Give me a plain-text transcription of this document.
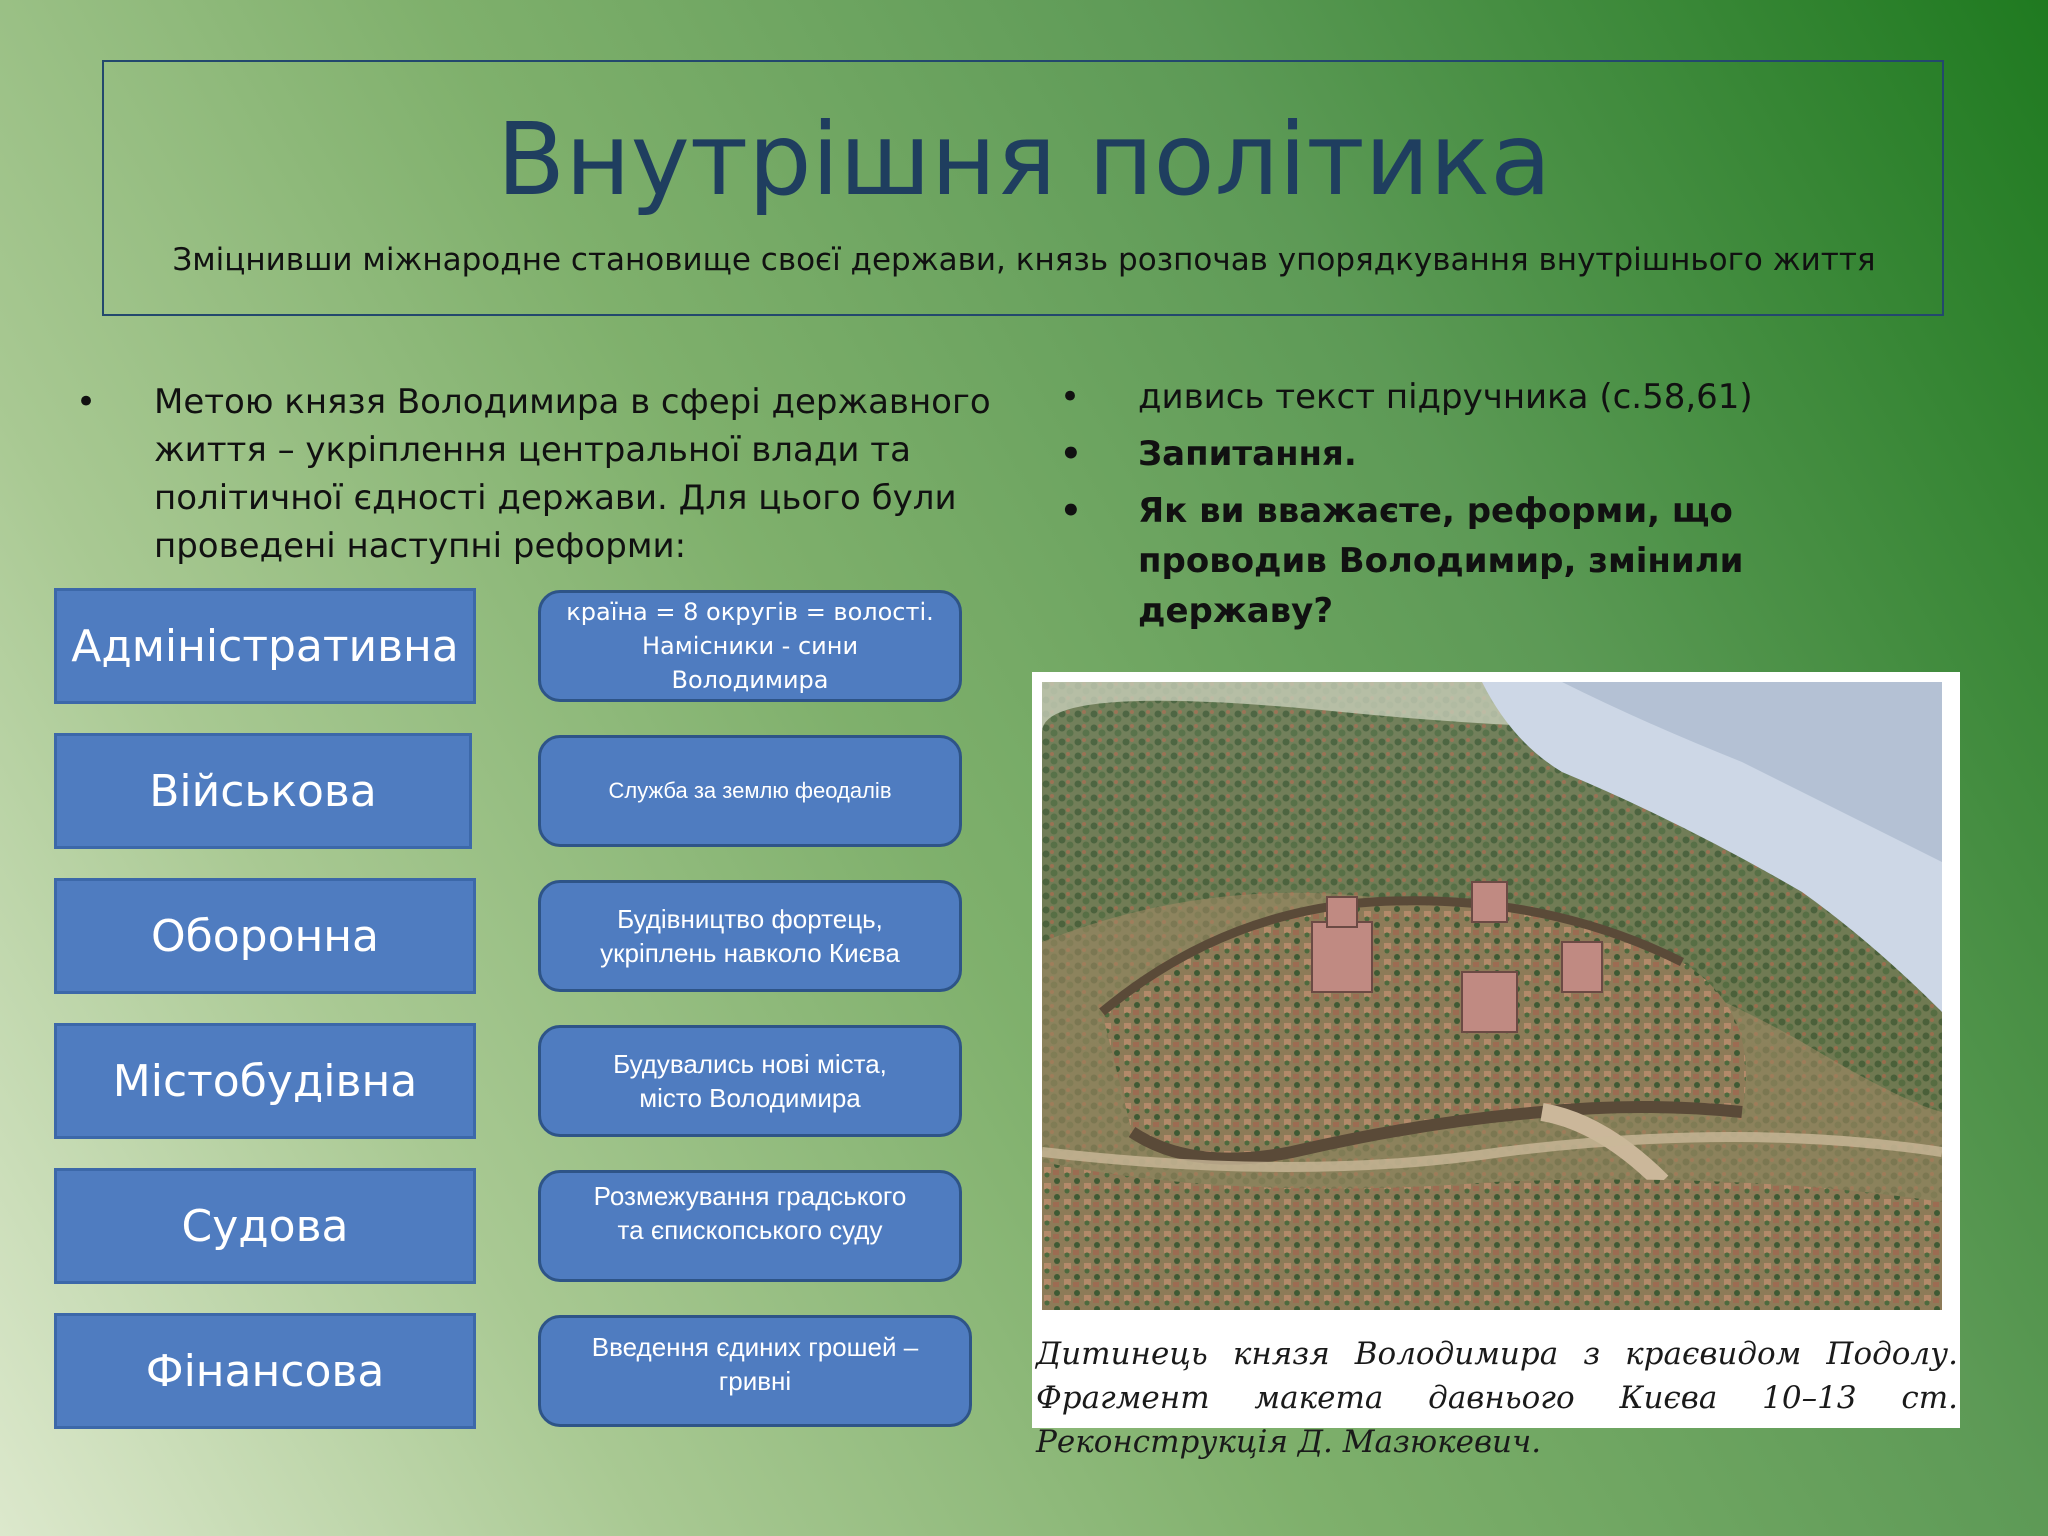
Внутрішня політика
Зміцнивши міжнародне становище своєї держави, князь розпочав упорядкування внутрішнього життя
• Метою князя Володимира в сфері державного життя – укріплення центральної влади та політичної єдності держави. Для цього були проведені наступні реформи:
• дивись текст підручника (с.58,61)
• Запитання.
• Як ви вважаєте, реформи, що проводив Володимир, змінили державу?
Адміністративна
Військова
Оборонна
Містобудівна
Судова
Фінансова
країна = 8 округів = волості.
Намісники - сини
Володимира
Служба за землю феодалів
Будівництво фортець,
укріплень навколо Києва
Будувались нові міста,
місто Володимира
Розмежування градського
та єпископського суду
Введення єдиних грошей –
гривні
Дитинець князя Володимира з краєвидом Подолу. Фрагмент макета давнього Києва 10–13 ст. Реконструкція Д. Мазюкевич.
